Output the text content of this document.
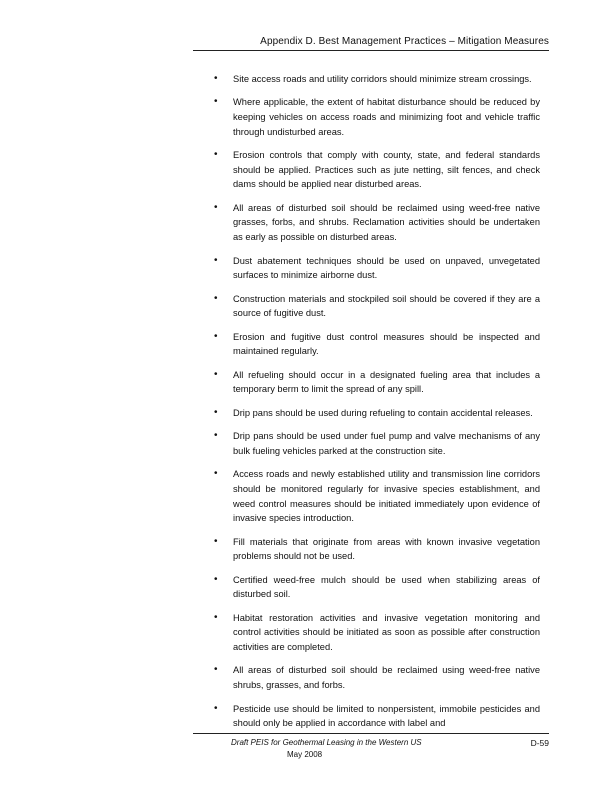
Appendix D. Best Management Practices – Mitigation Measures
• Site access roads and utility corridors should minimize stream crossings.
• Where applicable, the extent of habitat disturbance should be reduced by keeping vehicles on access roads and minimizing foot and vehicle traffic through undisturbed areas.
• Erosion controls that comply with county, state, and federal standards should be applied. Practices such as jute netting, silt fences, and check dams should be applied near disturbed areas.
• All areas of disturbed soil should be reclaimed using weed-free native grasses, forbs, and shrubs. Reclamation activities should be undertaken as early as possible on disturbed areas.
• Dust abatement techniques should be used on unpaved, unvegetated surfaces to minimize airborne dust.
• Construction materials and stockpiled soil should be covered if they are a source of fugitive dust.
• Erosion and fugitive dust control measures should be inspected and maintained regularly.
• All refueling should occur in a designated fueling area that includes a temporary berm to limit the spread of any spill.
• Drip pans should be used during refueling to contain accidental releases.
• Drip pans should be used under fuel pump and valve mechanisms of any bulk fueling vehicles parked at the construction site.
• Access roads and newly established utility and transmission line corridors should be monitored regularly for invasive species establishment, and weed control measures should be initiated immediately upon evidence of invasive species introduction.
• Fill materials that originate from areas with known invasive vegetation problems should not be used.
• Certified weed-free mulch should be used when stabilizing areas of disturbed soil.
• Habitat restoration activities and invasive vegetation monitoring and control activities should be initiated as soon as possible after construction activities are completed.
• All areas of disturbed soil should be reclaimed using weed-free native shrubs, grasses, and forbs.
• Pesticide use should be limited to nonpersistent, immobile pesticides and should only be applied in accordance with label and
Draft PEIS for Geothermal Leasing in the Western US	D-59
May 2008
